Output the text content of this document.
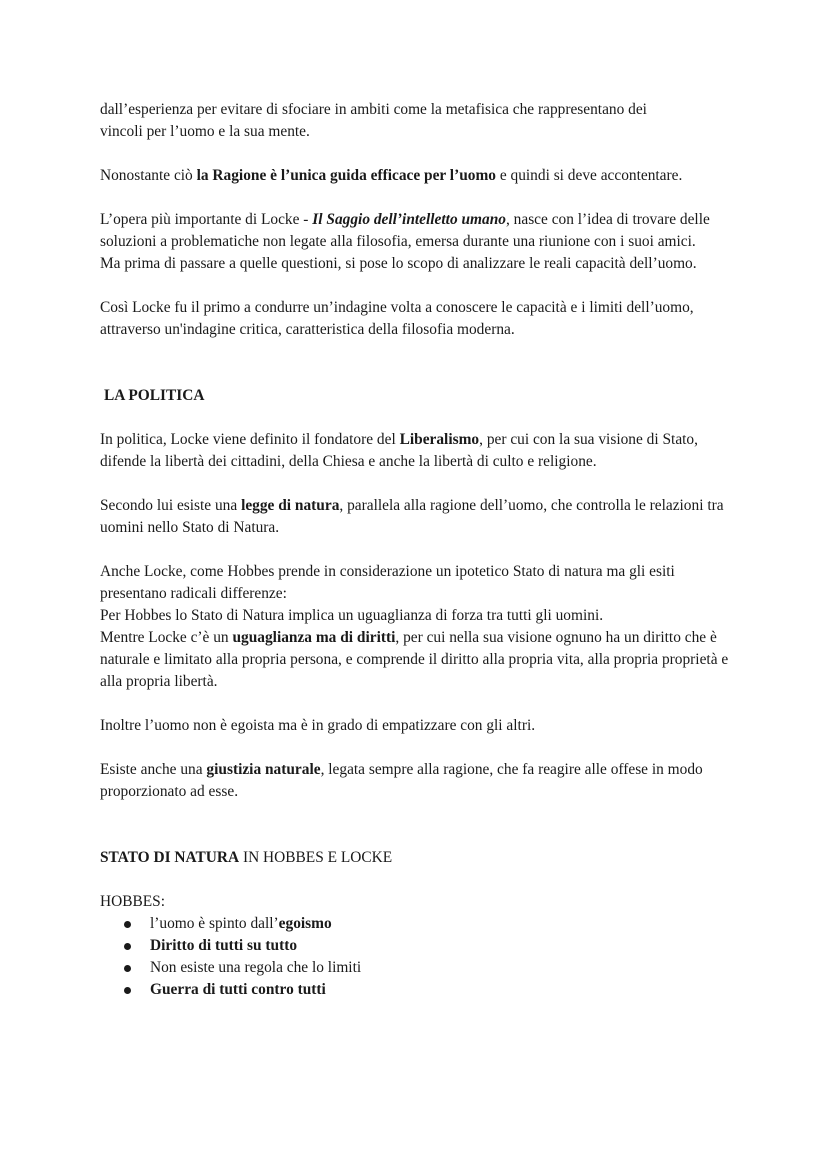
dall’esperienza per evitare di sfociare in ambiti come la metafisica che rappresentano dei
vincoli per l’uomo e la sua mente.

Nonostante ciò la Ragione è l’unica guida efficace per l’uomo e quindi si deve accontentare.

L’opera più importante di Locke - Il Saggio dell’intelletto umano, nasce con l’idea di trovare delle soluzioni a problematiche non legate alla filosofia, emersa durante una riunione con i suoi amici.
Ma prima di passare a quelle questioni, si pose lo scopo di analizzare le reali capacità dell’uomo.

Così Locke fu il primo a condurre un’indagine volta a conoscere le capacità e i limiti dell’uomo, attraverso un'indagine critica, caratteristica della filosofia moderna.

LA POLITICA

In politica, Locke viene definito il fondatore del Liberalismo, per cui con la sua visione di Stato, difende la libertà dei cittadini, della Chiesa e anche la libertà di culto e religione.

Secondo lui esiste una legge di natura, parallela alla ragione dell’uomo, che controlla le relazioni tra uomini nello Stato di Natura.

Anche Locke, come Hobbes prende in considerazione un ipotetico Stato di natura ma gli esiti presentano radicali differenze:
Per Hobbes lo Stato di Natura implica un uguaglianza di forza tra tutti gli uomini.
Mentre Locke c’è un uguaglianza ma di diritti, per cui nella sua visione ognuno ha un diritto che è naturale e limitato alla propria persona, e comprende il diritto alla propria vita, alla propria proprietà e alla propria libertà.

Inoltre l’uomo non è egoista ma è in grado di empatizzare con gli altri.

Esiste anche una giustizia naturale, legata sempre alla ragione, che fa reagire alle offese in modo proporzionato ad esse.

STATO DI NATURA IN HOBBES E LOCKE

HOBBES:

l’uomo è spinto dall’egoismo
Diritto di tutti su tutto
Non esiste una regola che lo limiti
Guerra di tutti contro tutti
